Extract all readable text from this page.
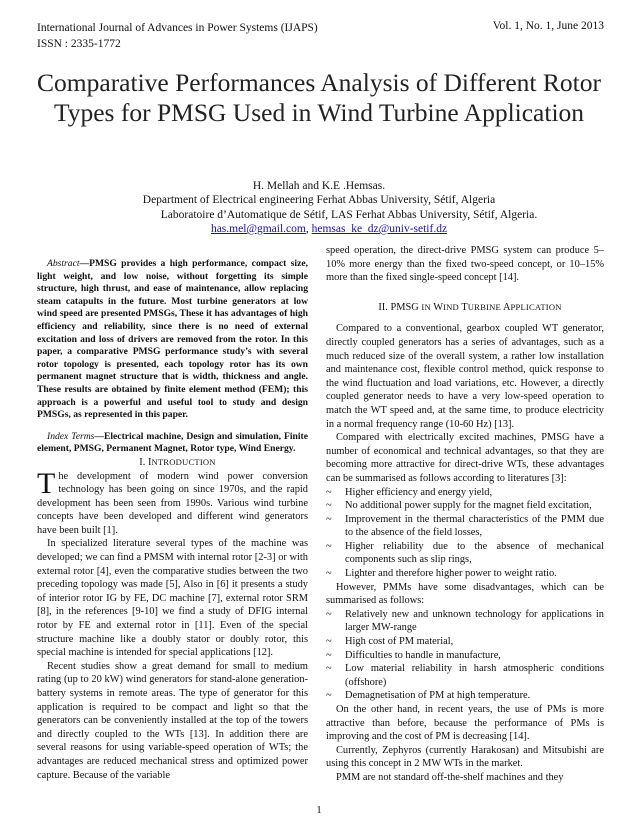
International Journal of Advances in Power Systems (IJAPS)
ISSN : 2335-1772
Vol. 1, No. 1, June 2013
Comparative Performances Analysis of Different Rotor Types for PMSG Used in Wind Turbine Application
H. Mellah and K.E .Hemsas.
Department of Electrical engineering Ferhat Abbas University, Sétif, Algeria
Laboratoire d’Automatique de Sétif, LAS Ferhat Abbas University, Sétif, Algeria.
has.mel@gmail.com, hemsas_ke_dz@univ-setif.dz

Abstract—PMSG provides a high performance, compact size, light weight, and low noise, without forgetting its simple structure, high thrust, and ease of maintenance, allow replacing steam catapults in the future. Most turbine generators at low wind speed are presented PMSGs, These it has advantages of high efficiency and reliability, since there is no need of external excitation and loss of drivers are removed from the rotor. In this paper, a comparative PMSG performance study’s with several rotor topology is presented, each topology rotor has its own permanent magnet structure that is width, thickness and angle. These results are obtained by finite element method (FEM); this approach is a powerful and useful tool to study and design PMSGs, as represented in this paper.

Index Terms—Electrical machine, Design and simulation, Finite element, PMSG, Permanent Magnet, Rotor type, Wind Energy.

I. INTRODUCTION

The development of modern wind power conversion technology has been going on since 1970s, and the rapid development has been seen from 1990s. Various wind turbine concepts have been developed and different wind generators have been built [1].

In specialized literature several types of the machine was developed; we can find a PMSM with internal rotor [2-3] or with external rotor [4], even the comparative studies between the two preceding topology was made [5], Also in [6] it presents a study of interior rotor IG by FE, DC machine [7], external rotor SRM [8], in the references [9-10] we find a study of DFIG internal rotor by FE and external rotor in [11]. Even of the special structure machine like a doubly stator or doubly rotor, this special machine is intended for special applications [12].

Recent studies show a great demand for small to medium rating (up to 20 kW) wind generators for stand-alone generation-battery systems in remote areas. The type of generator for this application is required to be compact and light so that the generators can be conveniently installed at the top of the towers and directly coupled to the WTs [13]. In addition there are several reasons for using variable-speed operation of WTs; the advantages are reduced mechanical stress and optimized power capture. Because of the variable

speed operation, the direct-drive PMSG system can produce 5–10% more energy than the fixed two-speed concept, or 10–15% more than the fixed single-speed concept [14].

II. PMSG IN WIND TURBINE APPLICATION

Compared to a conventional, gearbox coupled WT generator, directly coupled generators has a series of advantages, such as a much reduced size of the overall system, a rather low installation and maintenance cost, flexible control method, quick response to the wind fluctuation and load variations, etc. However, a directly coupled generator needs to have a very low-speed operation to match the WT speed and, at the same time, to produce electricity in a normal frequency range (10-60 Hz) [13].

Compared with electrically excited machines, PMSG have a number of economical and technical advantages, so that they are becoming more attractive for direct-drive WTs, these advantages can be summarised as follows according to literatures [3]:

~ Higher efficiency and energy yield,
~ No additional power supply for the magnet field excitation,
~ Improvement in the thermal characteristics of the PMM due to the absence of the field losses,
~ Higher reliability due to the absence of mechanical components such as slip rings,
~ Lighter and therefore higher power to weight ratio.

However, PMMs have some disadvantages, which can be summarised as follows:

~ Relatively new and unknown technology for applications in larger MW-range
~ High cost of PM material,
~ Difficulties to handle in manufacture,
~ Low material reliability in harsh atmospheric conditions (offshore)
~ Demagnetisation of PM at high temperature.

On the other hand, in recent years, the use of PMs is more attractive than before, because the performance of PMs is improving and the cost of PM is decreasing [14].

Currently, Zephyros (currently Harakosan) and Mitsubishi are using this concept in 2 MW WTs in the market.

PMM are not standard off-the-shelf machines and they

1
